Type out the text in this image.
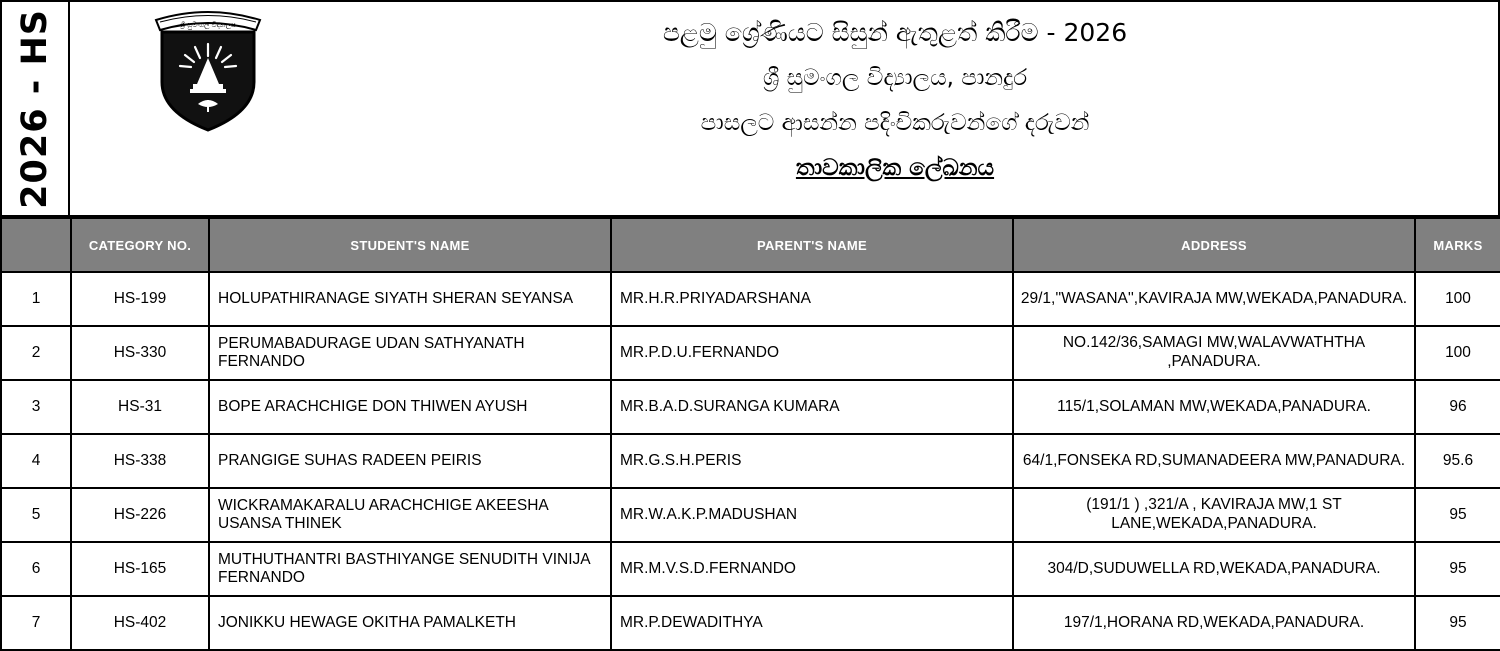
2026 - HS	ශ්‍රී සුමංගල විද්‍යාලය	පළමු ශ්‍රේණියට සිසුන් ඇතුළත් කිරීම - 2026
ශ්‍රී සුමංගල විද්‍යාලය, පානදුර
පාසලට ආසන්න පදිංචිකරුවන්ගේ දරුවන්
තාවකාලික ලේඛනය
	CATEGORY NO.	STUDENT'S NAME	PARENT'S NAME	ADDRESS	MARKS
1	HS-199	HOLUPATHIRANAGE SIYATH SHERAN SEYANSA	MR.H.R.PRIYADARSHANA	29/1,''WASANA'',KAVIRAJA MW,WEKADA,PANADURA.	100
2	HS-330	PERUMABADURAGE UDAN SATHYANATH FERNANDO	MR.P.D.U.FERNANDO	NO.142/36,SAMAGI MW,WALAVWATHTHA ,PANADURA.	100
3	HS-31	BOPE ARACHCHIGE DON THIWEN AYUSH	MR.B.A.D.SURANGA KUMARA	115/1,SOLAMAN MW,WEKADA,PANADURA.	96
4	HS-338	PRANGIGE SUHAS RADEEN PEIRIS	MR.G.S.H.PERIS	64/1,FONSEKA RD,SUMANADEERA MW,PANADURA.	95.6
5	HS-226	WICKRAMAKARALU ARACHCHIGE AKEESHA USANSA THINEK	MR.W.A.K.P.MADUSHAN	(191/1 ) ,321/A , KAVIRAJA MW,1 ST LANE,WEKADA,PANADURA.	95
6	HS-165	MUTHUTHANTRI BASTHIYANGE SENUDITH VINIJA FERNANDO	MR.M.V.S.D.FERNANDO	304/D,SUDUWELLA RD,WEKADA,PANADURA.	95
7	HS-402	JONIKKU HEWAGE OKITHA PAMALKETH	MR.P.DEWADITHYA	197/1,HORANA RD,WEKADA,PANADURA.	95
